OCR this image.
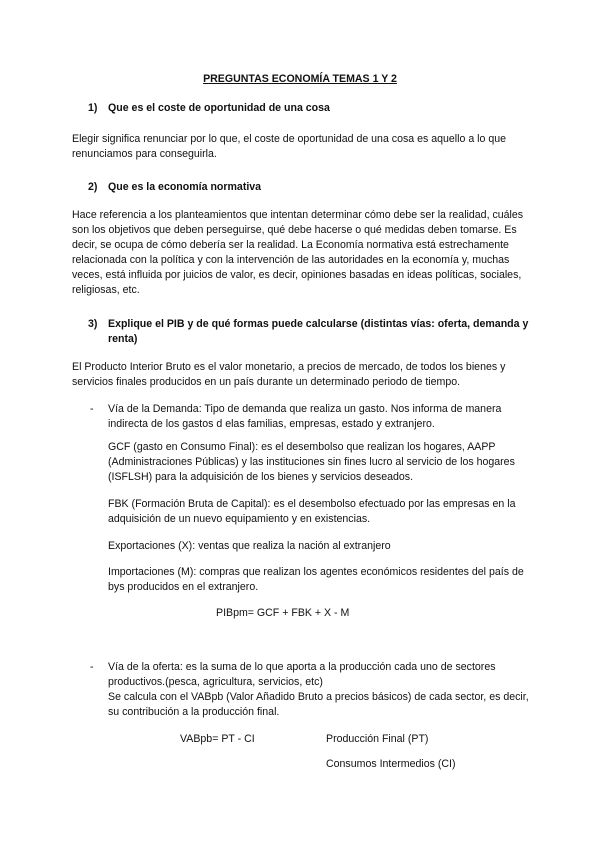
PREGUNTAS ECONOMÍA TEMAS 1 Y 2
1) Que es el coste de oportunidad de una cosa
Elegir significa renunciar por lo que, el coste de oportunidad de una cosa es aquello a lo que renunciamos para conseguirla.
2) Que es la economía normativa
Hace referencia a los planteamientos que intentan determinar cómo debe ser la realidad, cuáles son los objetivos que deben perseguirse, qué debe hacerse o qué medidas deben tomarse. Es decir, se ocupa de cómo debería ser la realidad. La Economía normativa está estrechamente relacionada con la política y con la intervención de las autoridades en la economía y, muchas veces, está influida por juicios de valor, es decir, opiniones basadas en ideas políticas, sociales, religiosas, etc.
3) Explique el PIB y de qué formas puede calcularse (distintas vías: oferta, demanda y renta)
El Producto Interior Bruto es el valor monetario, a precios de mercado, de todos los bienes y servicios finales producidos en un país durante un determinado periodo de tiempo.
-	Vía de la Demanda: Tipo de demanda que realiza un gasto. Nos informa de manera indirecta de los gastos d elas familias, empresas, estado y extranjero.
GCF (gasto en Consumo Final): es el desembolso que realizan los hogares, AAPP (Administraciones Públicas) y las instituciones sin fines lucro al servicio de los hogares (ISFLSH) para la adquisición de los bienes y servicios deseados.
FBK (Formación Bruta de Capital): es el desembolso efectuado por las empresas en la adquisición de un nuevo equipamiento y en existencias.
Exportaciones (X): ventas que realiza la nación al extranjero
Importaciones (M): compras que realizan los agentes económicos residentes del país de bys producidos en el extranjero.
PIBpm= GCF + FBK + X - M
-	Vía de la oferta: es la suma de lo que aporta a la producción cada uno de sectores productivos.(pesca, agricultura, servicios, etc)
Se calcula con el VABpb (Valor Añadido Bruto a precios básicos) de cada sector, es decir, su contribución a la producción final.
VABpb= PT - CI	Producción Final (PT)
Consumos Intermedios (CI)
